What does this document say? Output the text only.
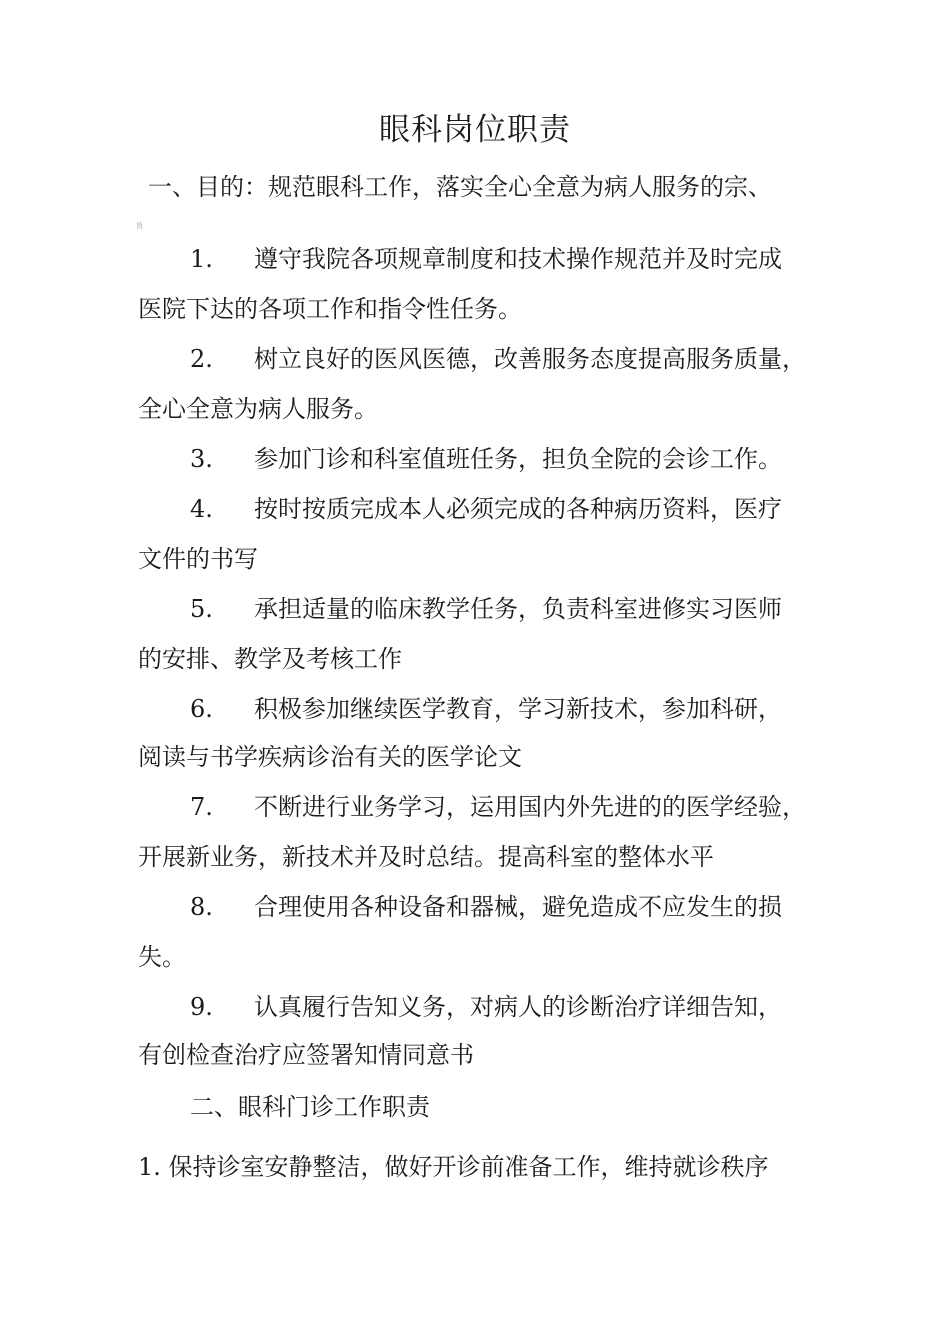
眼科岗位职责
一、目的：规范眼科工作，落实全心全意为病人服务的宗、
旨
1. 遵守我院各项规章制度和技术操作规范并及时完成
医院下达的各项工作和指令性任务。
2. 树立良好的医风医德，改善服务态度提高服务质量，
全心全意为病人服务。
3. 参加门诊和科室值班任务，担负全院的会诊工作。
4. 按时按质完成本人必须完成的各种病历资料，医疗
文件的书写
5. 承担适量的临床教学任务，负责科室进修实习医师
的安排、教学及考核工作
6. 积极参加继续医学教育，学习新技术，参加科研，
阅读与书学疾病诊治有关的医学论文
7. 不断进行业务学习，运用国内外先进的的医学经验，
开展新业务，新技术并及时总结。提高科室的整体水平
8. 合理使用各种设备和器械，避免造成不应发生的损
失。
9. 认真履行告知义务，对病人的诊断治疗详细告知，
有创检查治疗应签署知情同意书
二、眼科门诊工作职责
1. 保持诊室安静整洁，做好开诊前准备工作，维持就诊秩序
